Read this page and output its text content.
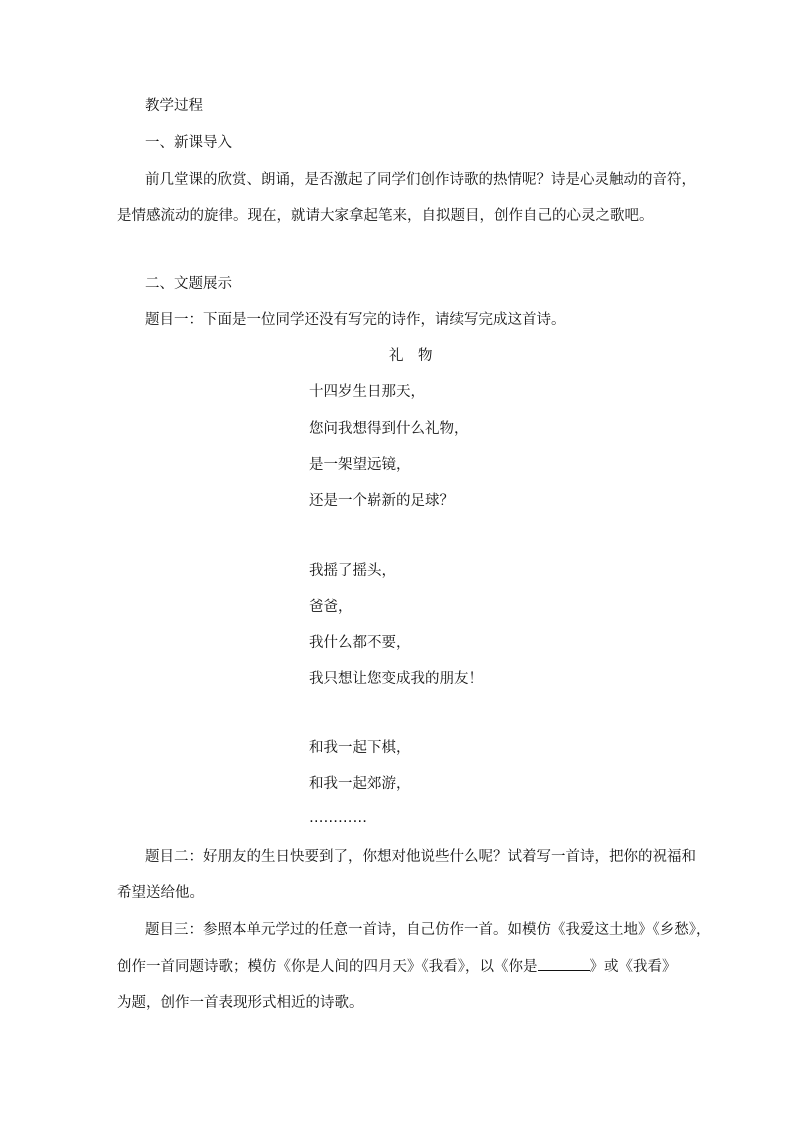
教学过程
一、新课导入
前几堂课的欣赏、朗诵，是否激起了同学们创作诗歌的热情呢？诗是心灵触动的音符，
是情感流动的旋律。现在，就请大家拿起笔来，自拟题目，创作自己的心灵之歌吧。
二、文题展示
题目一：下面是一位同学还没有写完的诗作，请续写完成这首诗。
礼　物
十四岁生日那天，
您问我想得到什么礼物，
是一架望远镜，
还是一个崭新的足球？
我摇了摇头，
爸爸，
我什么都不要，
我只想让您变成我的朋友！
和我一起下棋，
和我一起郊游，
…………
题目二：好朋友的生日快要到了，你想对他说些什么呢？试着写一首诗，把你的祝福和
希望送给他。
题目三：参照本单元学过的任意一首诗，自己仿作一首。如模仿《我爱这土地》《乡愁》，
创作一首同题诗歌；模仿《你是人间的四月天》《我看》，以《你是	》或《我看》
为题，创作一首表现形式相近的诗歌。
